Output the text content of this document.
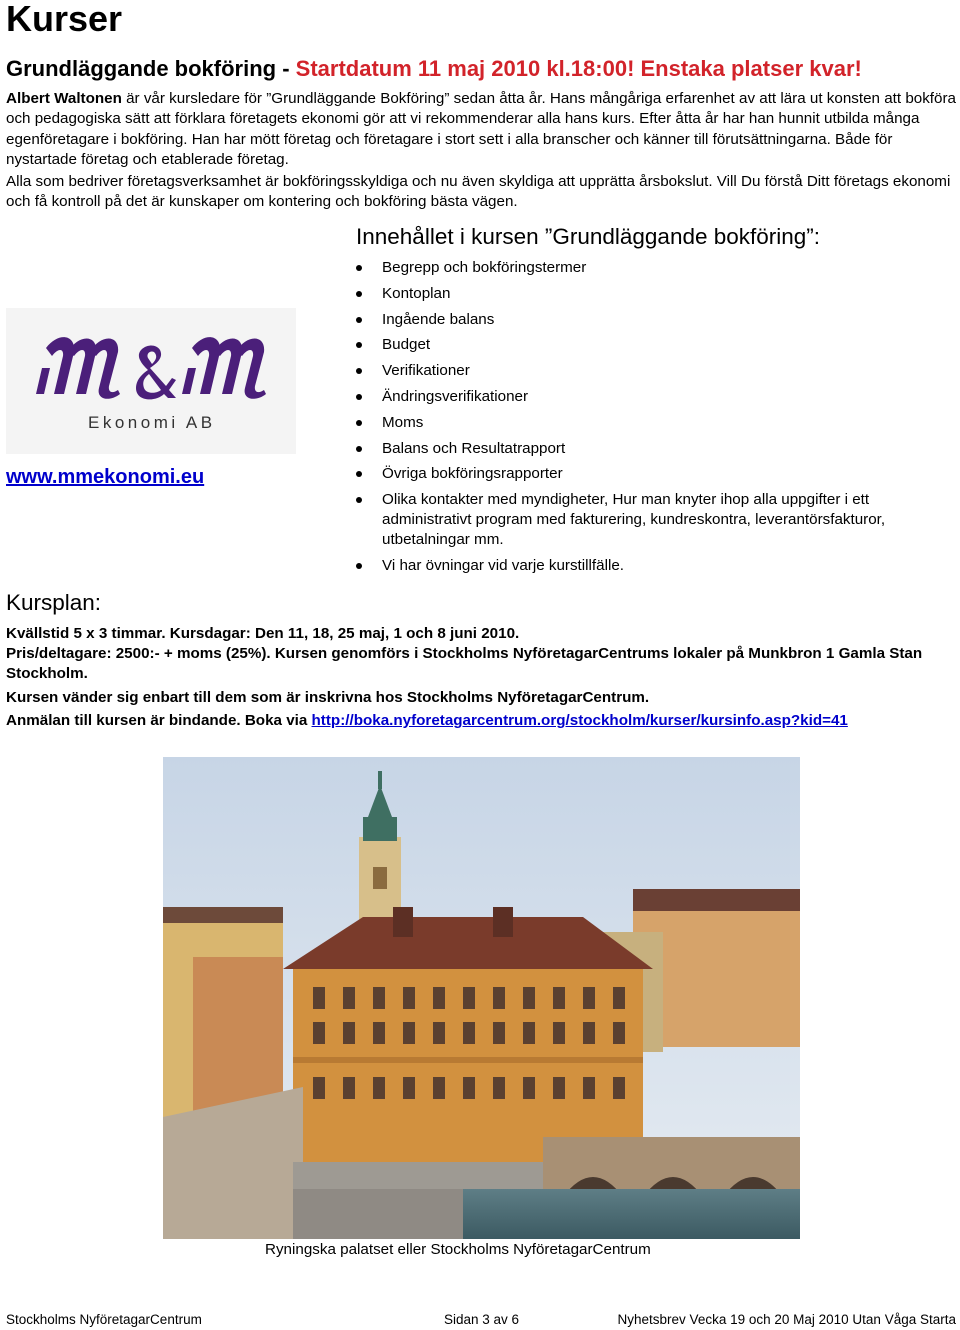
Kurser
Grundläggande bokföring - Startdatum 11 maj 2010 kl.18:00! Enstaka platser kvar!

Albert Waltonen är vår kursledare för ”Grundläggande Bokföring” sedan åtta år. Hans mångåriga erfarenhet av att lära ut konsten att bokföra och pedagogiska sätt att förklara företagets ekonomi gör att vi rekommenderar alla hans kurs. Efter åtta år har han hunnit utbilda många egenföretagare i bokföring. Han har mött företag och företagare i stort sett i alla branscher och känner till förutsättningarna. Både för nystartade företag och etablerade företag.

Alla som bedriver företagsverksamhet är bokföringsskyldiga och nu även skyldiga att upprätta årsbokslut. Vill Du förstå Ditt företags ekonomi och få kontroll på det är kunskaper om kontering och bokföring bästa vägen.

Ekonomi AB
www.mmekonomi.eu
Innehållet i kursen ”Grundläggande bokföring”:
Begrepp och bokföringstermer
Kontoplan
Ingående balans
Budget
Verifikationer
Ändringsverifikationer
Moms
Balans och Resultatrapport
Övriga bokföringsrapporter
Olika kontakter med myndigheter, Hur man knyter ihop alla uppgifter i ett administrativt program med fakturering, kundreskontra, leverantörsfakturor, utbetalningar mm.
Vi har övningar vid varje kurstillfälle.
Kursplan:

Kvällstid 5 x 3 timmar. Kursdagar: Den 11, 18, 25 maj, 1 och 8 juni 2010.

Pris/deltagare: 2500:- + moms (25%). Kursen genomförs i Stockholms NyföretagarCentrums lokaler på Munkbron 1 Gamla Stan Stockholm.

Kursen vänder sig enbart till dem som är inskrivna hos Stockholms NyföretagarCentrum.

Anmälan till kursen är bindande. Boka via http://boka.nyforetagarcentrum.org/stockholm/kurser/kursinfo.asp?kid=41

Ryningska palatset eller Stockholms NyföretagarCentrum
Stockholms NyföretagarCentrum	Sidan 3 av 6	Nyhetsbrev Vecka 19 och 20 Maj 2010 Utan Våga Starta
